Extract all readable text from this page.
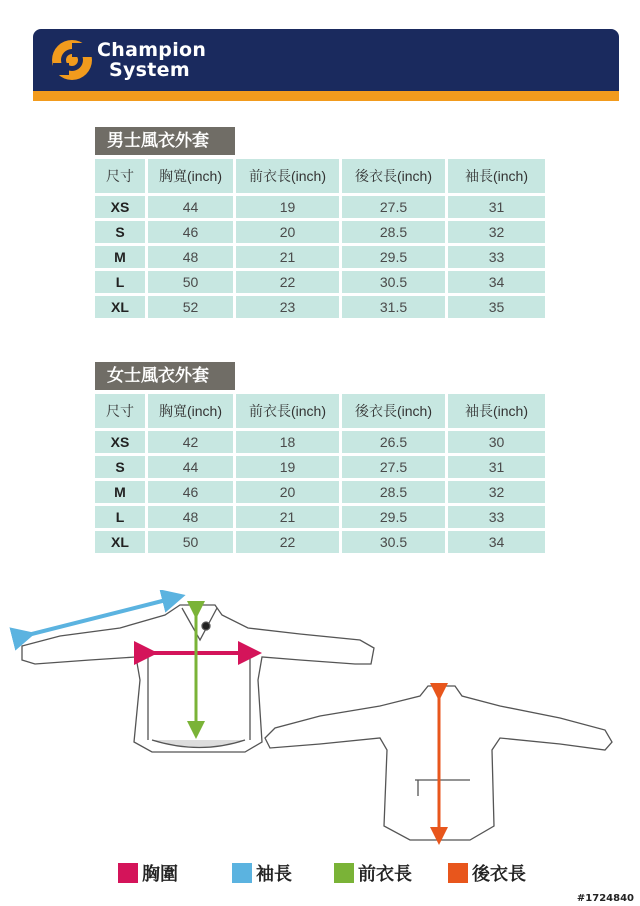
Champion
System
男士風衣外套
尺寸	胸寬(inch)	前衣長(inch)	後衣長(inch)	袖長(inch)
XS	44	19	27.5	31
S	46	20	28.5	32
M	48	21	29.5	33
L	50	22	30.5	34
XL	52	23	31.5	35
女士風衣外套
尺寸	胸寬(inch)	前衣長(inch)	後衣長(inch)	袖長(inch)
XS	42	18	26.5	30
S	44	19	27.5	31
M	46	20	28.5	32
L	48	21	29.5	33
XL	50	22	30.5	34
胸圍	袖長	前衣長	後衣長
#1724840
